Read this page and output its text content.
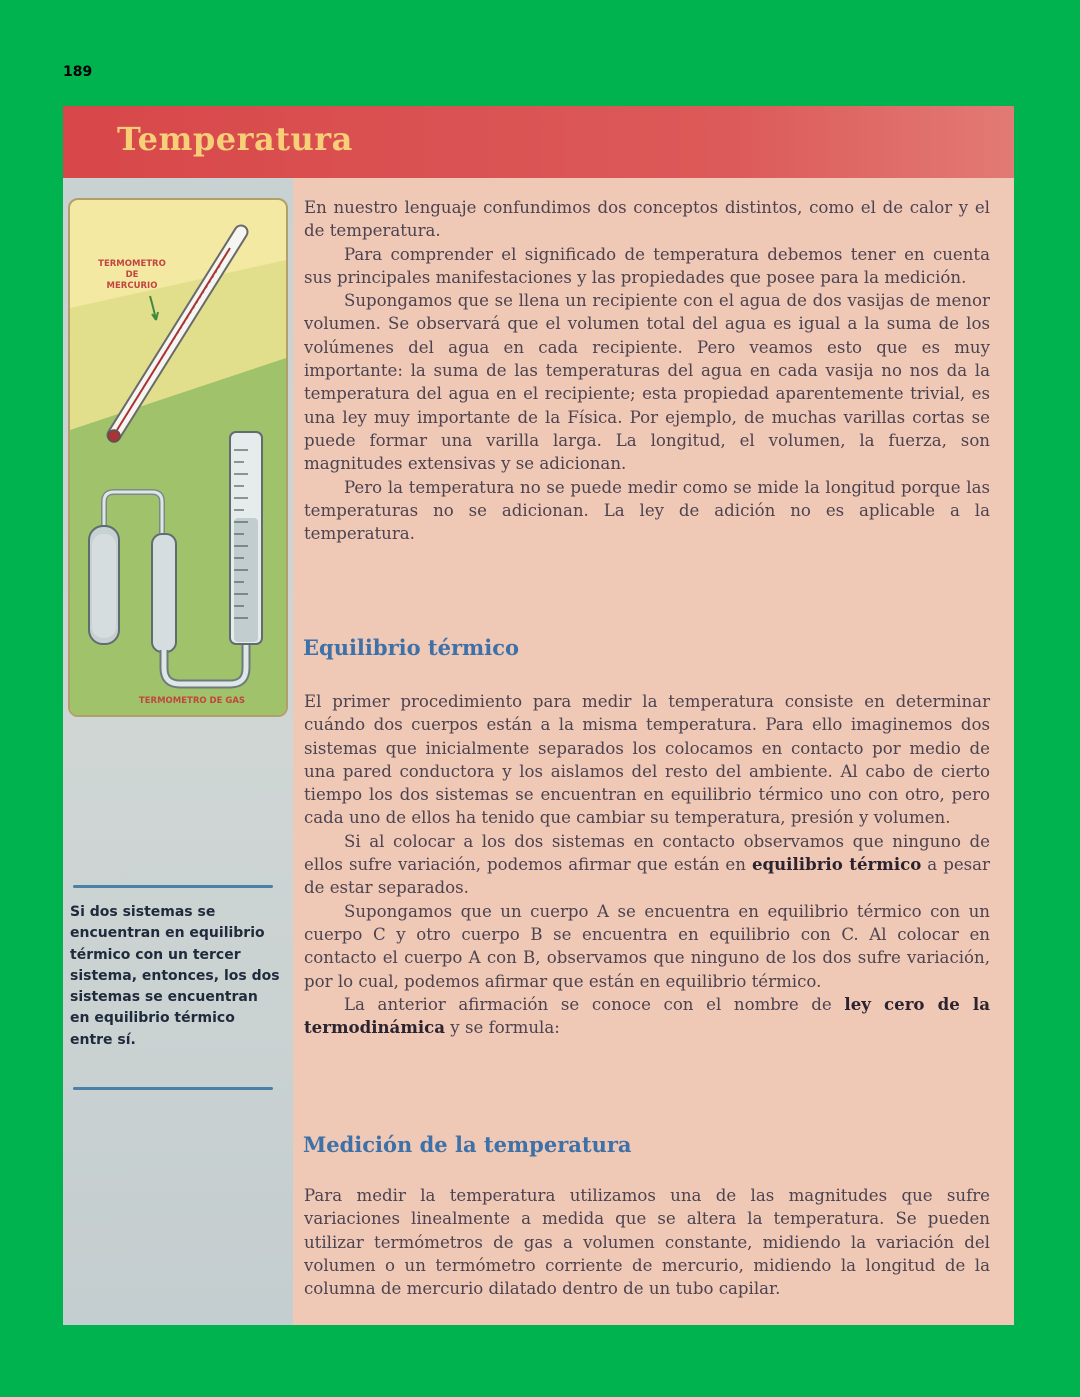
189
Temperatura
TERMOMETRO
DE
MERCURIO
TERMOMETRO DE GAS
Si dos sistemas se encuentran en equilibrio térmico con un tercer sistema, entonces, los dos sistemas se encuentran en equilibrio térmico entre sí.

En nuestro lenguaje confundimos dos conceptos distintos, como el de calor y el de temperatura.

Para comprender el significado de temperatura debemos tener en cuenta sus principales manifestaciones y las propiedades que posee para la medición.

Supongamos que se llena un recipiente con el agua de dos vasijas de menor volumen. Se observará que el volumen total del agua es igual a la suma de los volúmenes del agua en cada recipiente. Pero veamos esto que es muy importante: la suma de las temperaturas del agua en cada vasija no nos da la temperatura del agua en el recipiente; esta propiedad aparentemente trivial, es una ley muy importante de la Física. Por ejemplo, de muchas varillas cortas se puede formar una varilla larga. La longitud, el volumen, la fuerza, son magnitudes extensivas y se adicionan.

Pero la temperatura no se puede medir como se mide la longitud porque las temperaturas no se adicionan. La ley de adición no es aplicable a la temperatura.

Equilibrio térmico

El primer procedimiento para medir la temperatura consiste en determinar cuándo dos cuerpos están a la misma temperatura. Para ello imaginemos dos sistemas que inicialmente separados los colocamos en contacto por medio de una pared conductora y los aislamos del resto del ambiente. Al cabo de cierto tiempo los dos sistemas se encuentran en equilibrio térmico uno con otro, pero cada uno de ellos ha tenido que cambiar su temperatura, presión y volumen.

Si al colocar a los dos sistemas en contacto observamos que ninguno de ellos sufre variación, podemos afirmar que están en equilibrio térmico a pesar de estar separados.

Supongamos que un cuerpo A se encuentra en equilibrio térmico con un cuerpo C y otro cuerpo B se encuentra en equilibrio con C. Al colocar en contacto el cuerpo A con B, observamos que ninguno de los dos sufre variación, por lo cual, podemos afirmar que están en equilibrio térmico.

La anterior afirmación se conoce con el nombre de ley cero de la termodinámica y se formula:

Medición de la temperatura

Para medir la temperatura utilizamos una de las magnitudes que sufre variaciones linealmente a medida que se altera la temperatura. Se pueden utilizar termómetros de gas a volumen constante, midiendo la variación del volumen o un termómetro corriente de mercurio, midiendo la longitud de la columna de mercurio dilatado dentro de un tubo capilar.
